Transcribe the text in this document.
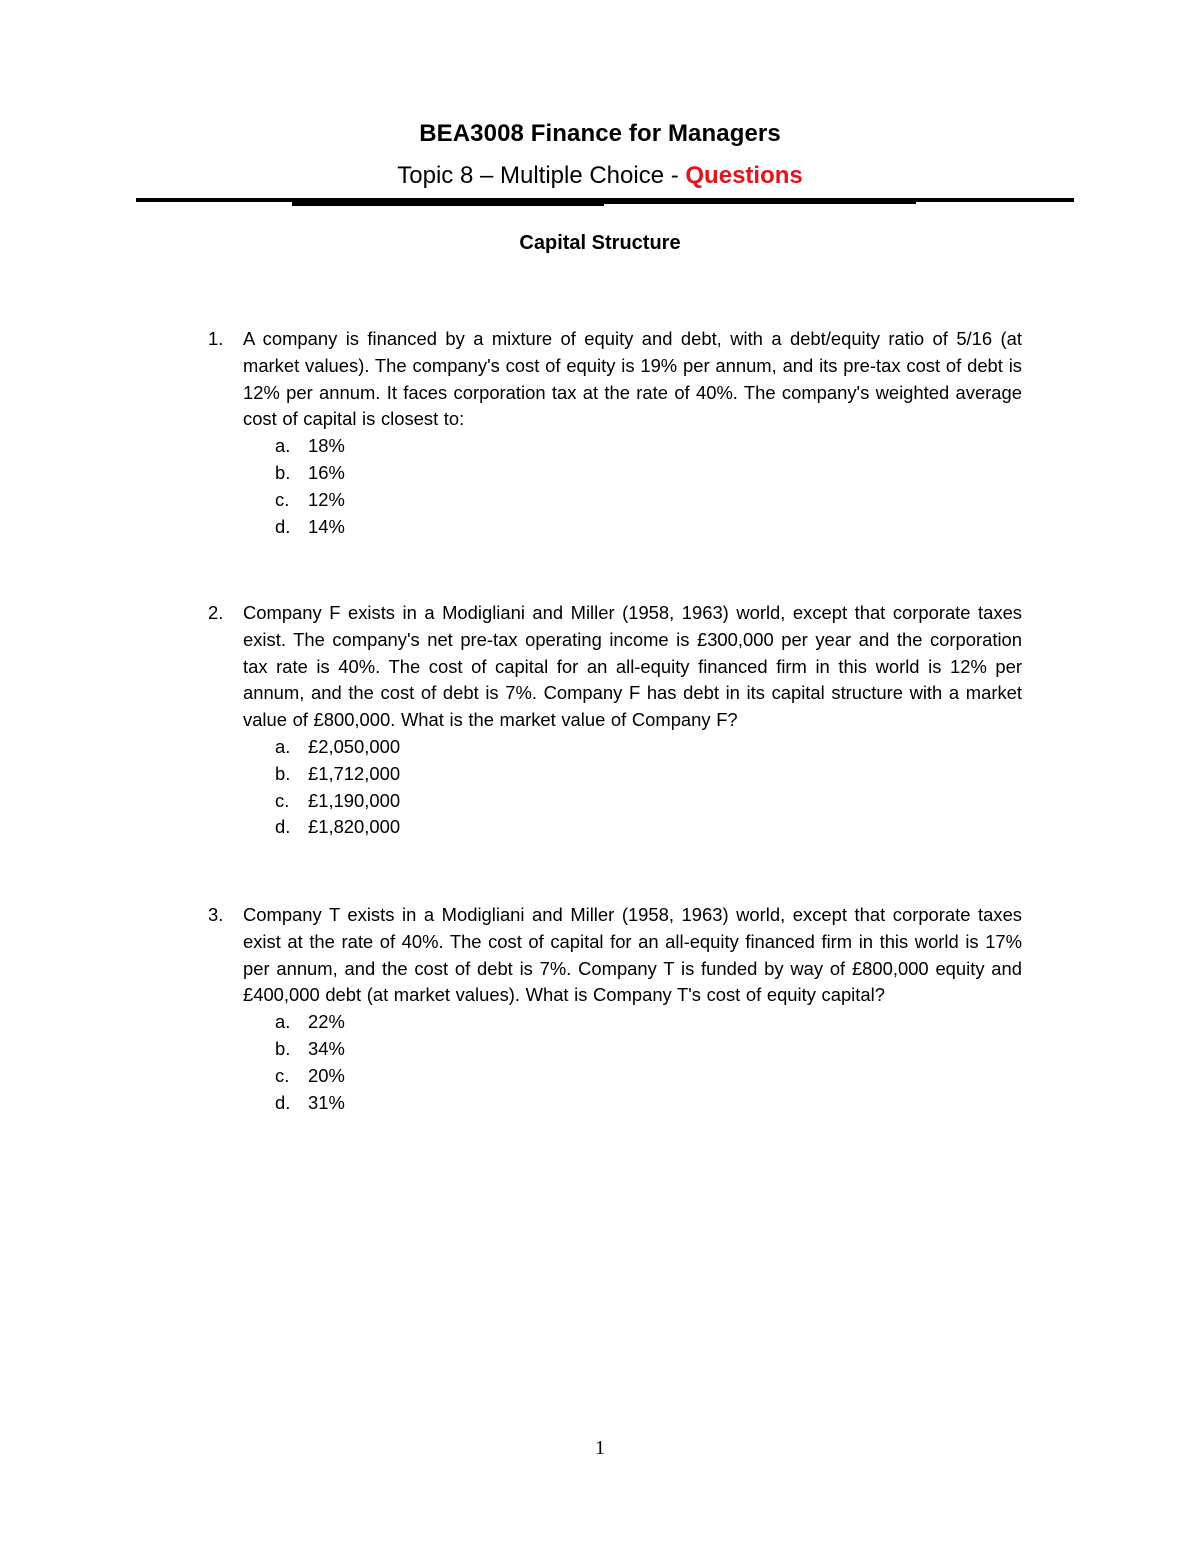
BEA3008 Finance for Managers
Topic 8 – Multiple Choice - Questions
Capital Structure
1. A company is financed by a mixture of equity and debt, with a debt/equity ratio of 5/16 (at market values). The company's cost of equity is 19% per annum, and its pre-tax cost of debt is 12% per annum. It faces corporation tax at the rate of 40%. The company's weighted average cost of capital is closest to:
a. 18%
b. 16%
c. 12%
d. 14%
2. Company F exists in a Modigliani and Miller (1958, 1963) world, except that corporate taxes exist. The company's net pre-tax operating income is £300,000 per year and the corporation tax rate is 40%. The cost of capital for an all-equity financed firm in this world is 12% per annum, and the cost of debt is 7%. Company F has debt in its capital structure with a market value of £800,000. What is the market value of Company F?
a. £2,050,000
b. £1,712,000
c. £1,190,000
d. £1,820,000
3. Company T exists in a Modigliani and Miller (1958, 1963) world, except that corporate taxes exist at the rate of 40%. The cost of capital for an all-equity financed firm in this world is 17% per annum, and the cost of debt is 7%. Company T is funded by way of £800,000 equity and £400,000 debt (at market values). What is Company T's cost of equity capital?
a. 22%
b. 34%
c. 20%
d. 31%
1
